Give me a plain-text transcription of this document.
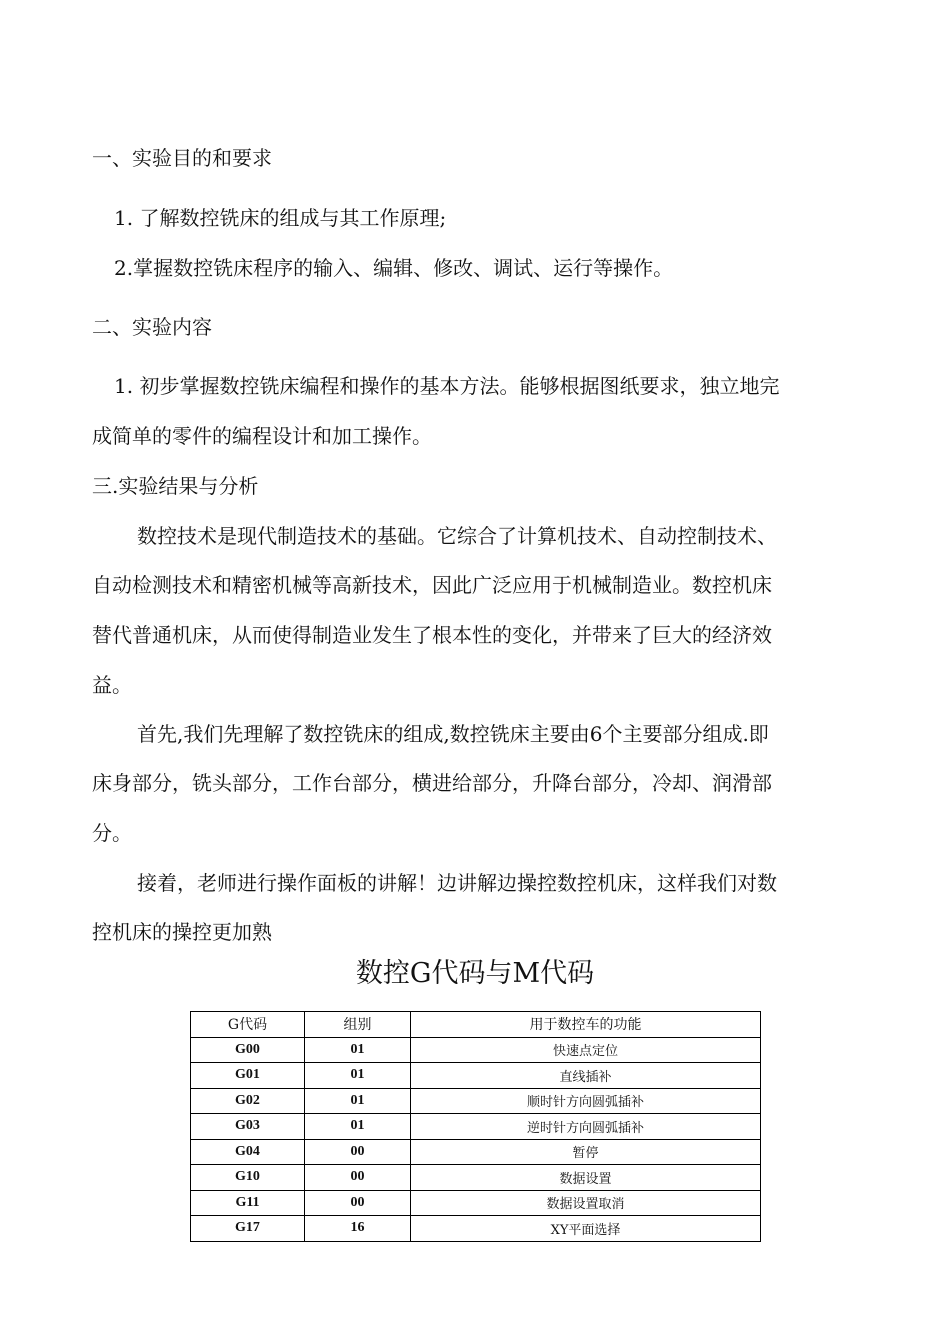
一、实验目的和要求
1. 了解数控铣床的组成与其工作原理;
2.掌握数控铣床程序的输入、编辑、修改、调试、运行等操作。
二、实验内容
1. 初步掌握数控铣床编程和操作的基本方法。能够根据图纸要求，独立地完
成简单的零件的编程设计和加工操作。
三.实验结果与分析
数控技术是现代制造技术的基础。它综合了计算机技术、自动控制技术、
自动检测技术和精密机械等高新技术，因此广泛应用于机械制造业。数控机床
替代普通机床，从而使得制造业发生了根本性的变化，并带来了巨大的经济效
益。
首先,我们先理解了数控铣床的组成,数控铣床主要由6个主要部分组成.即
床身部分，铣头部分，工作台部分，横进给部分，升降台部分，冷却、润滑部
分。
接着，老师进行操作面板的讲解！边讲解边操控数控机床，这样我们对数
控机床的操控更加熟
数控G代码与M代码
G代码	组别	用于数控车的功能
G00	01	快速点定位
G01	01	直线插补
G02	01	顺时针方向圆弧插补
G03	01	逆时针方向圆弧插补
G04	00	暂停
G10	00	数据设置
G11	00	数据设置取消
G17	16	XY平面选择
